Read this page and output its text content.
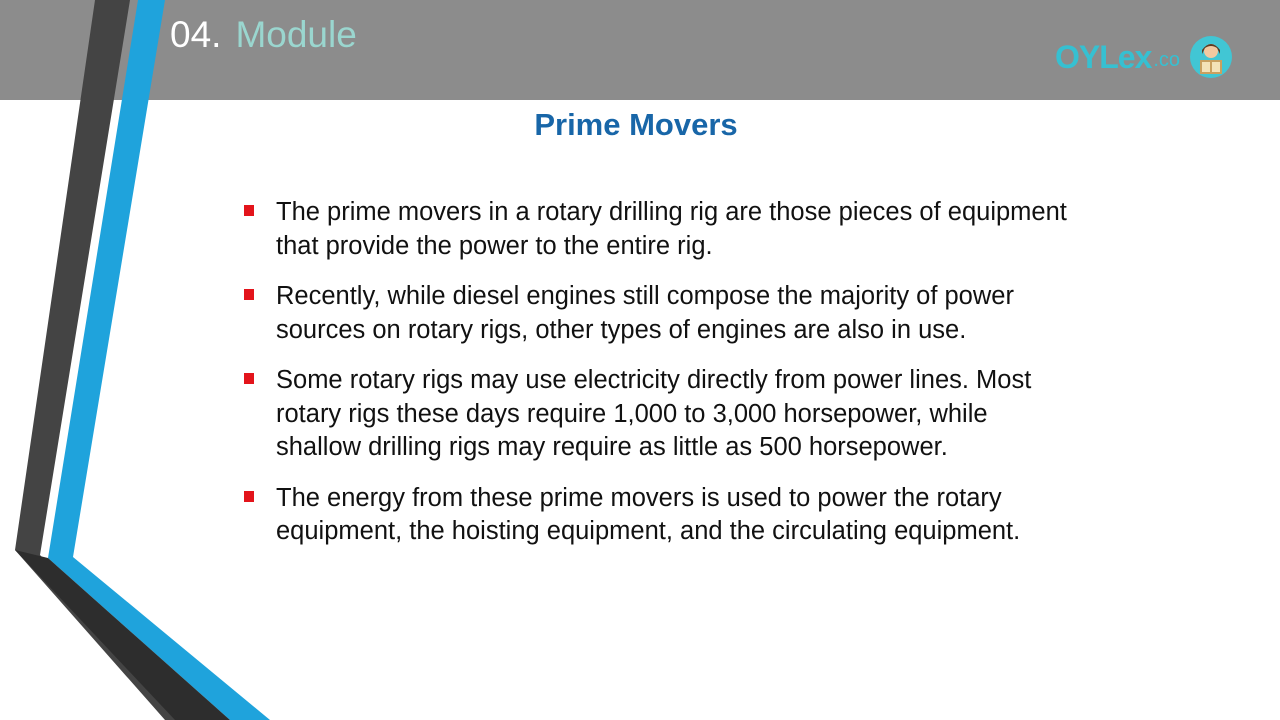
04. Module
OYLex .co
Prime Movers
The prime movers in a rotary drilling rig are those pieces of equipment that provide the power to the entire rig.
Recently, while diesel engines still compose the majority of power sources on rotary rigs, other types of engines are also in use.
Some rotary rigs may use electricity directly from power lines. Most rotary rigs these days require 1,000 to 3,000 horsepower, while shallow drilling rigs may require as little as 500 horsepower.
The energy from these prime movers is used to power the rotary equipment, the hoisting equipment, and the circulating equipment.
